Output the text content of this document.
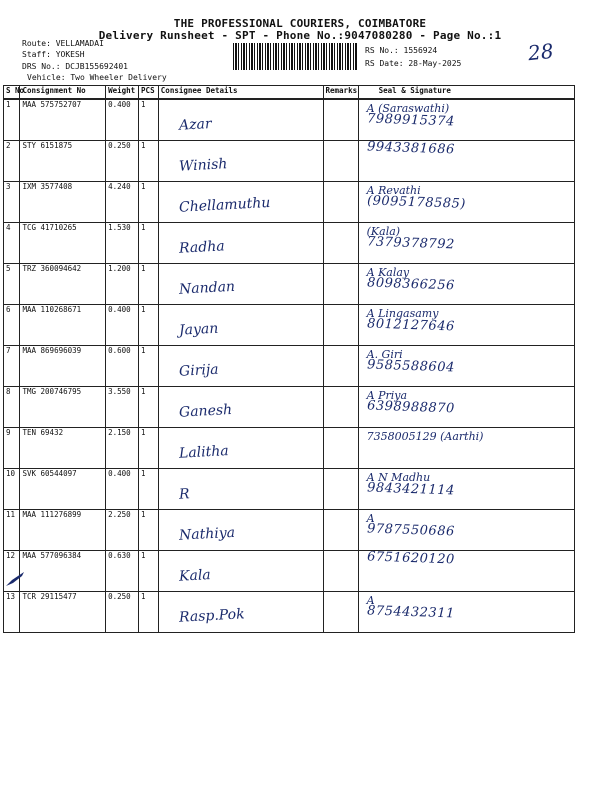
THE PROFESSIONAL COURIERS, COIMBATORE
Delivery Runsheet - SPT - Phone No.:9047080280 - Page No.:1
Route: VELLAMADAI
Staff: YOKESH
DRS No.: DCJB155692401
Vehicle: Two Wheeler Delivery
RS No.: 1556924
RS Date: 28-May-2025	28
S No	Consignment No	Weight	PCS	Consignee Details	Remarks	Seal & Signature
1	MAA 575752707	0.400	1	Azar		A (Saraswathi)
7989915374

2	STY 6151875	0.250	1	Winish		9943381686

3	IXM 3577408	4.240	1	Chellamuthu		A Revathi
(9095178585)

4	TCG 41710265	1.530	1	Radha		(Kala)
7379378792

5	TRZ 360094642	1.200	1	Nandan		A Kalay
8098366256

6	MAA 110268671	0.400	1	Jayan		A Lingasamy
8012127646

7	MAA 869696039	0.600	1	Girija		A. Giri
9585588604

8	TMG 200746795	3.550	1	Ganesh		A Priya
6398988870

9	TEN 69432	2.150	1	Lalitha		7358005129 (Aarthi)

10	SVK 60544097	0.400	1	R		A N Madhu
9843421114

11	MAA 111276899	2.250	1	Nathiya		A
9787550686

12	MAA 577096384	0.630	1	Kala		6751620120

13	TCR 29115477	0.250	1	Rasp.Pok		A
8754432311
